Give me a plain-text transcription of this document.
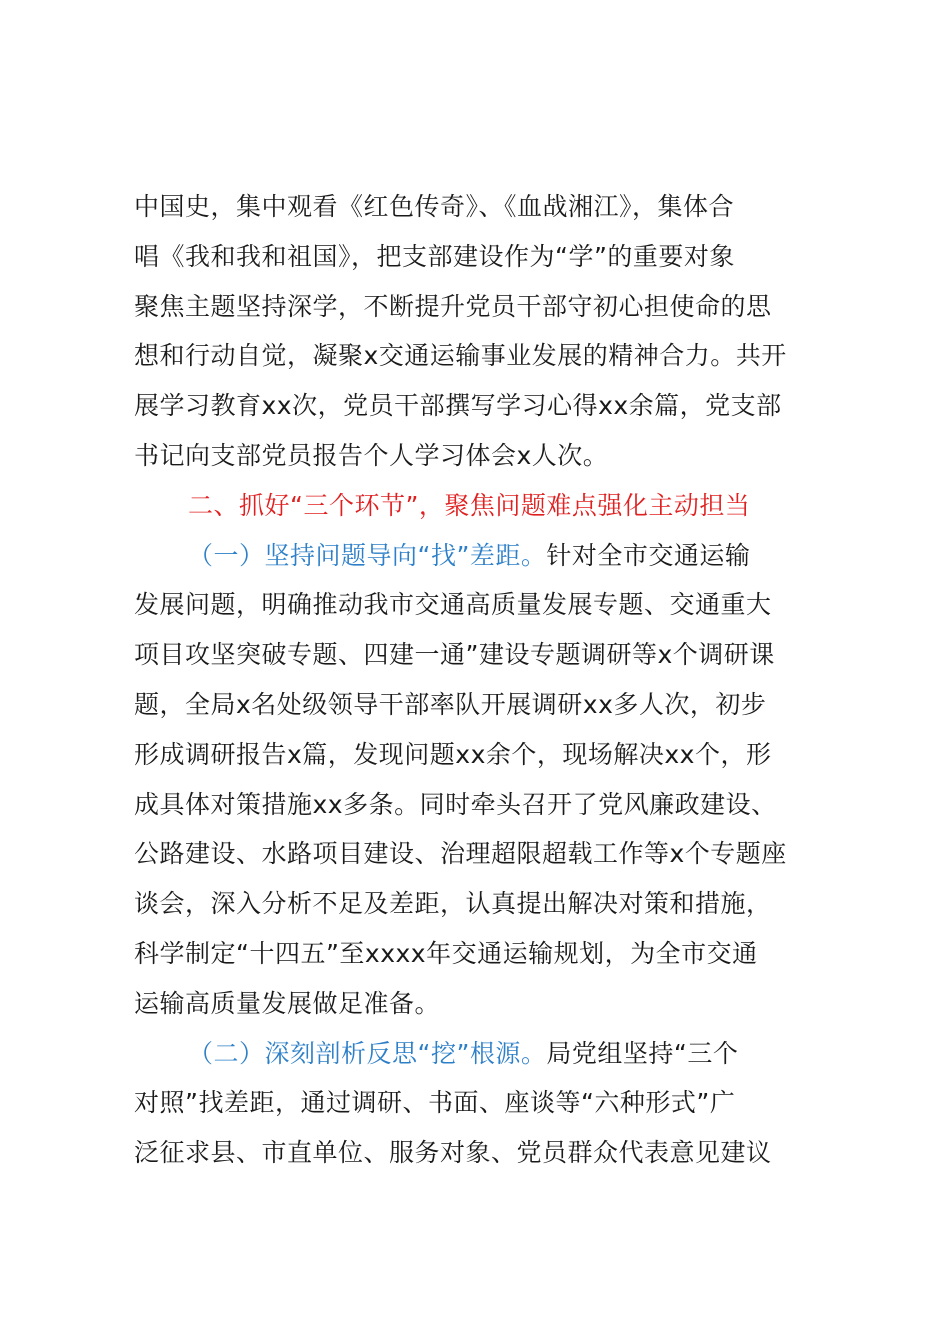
中国史，集中观看《红色传奇》、《血战湘江》，集体合
唱《我和我和祖国》，把支部建设作为“学”的重要对象
聚焦主题坚持深学，不断提升党员干部守初心担使命的思
想和行动自觉，凝聚x交通运输事业发展的精神合力。共开
展学习教育xx次，党员干部撰写学习心得xx余篇，党支部
书记向支部党员报告个人学习体会x人次。
二、抓好“三个环节”，聚焦问题难点强化主动担当
（一）坚持问题导向“找”差距。针对全市交通运输
发展问题，明确推动我市交通高质量发展专题、交通重大
项目攻坚突破专题、四建一通”建设专题调研等x个调研课
题，全局x名处级领导干部率队开展调研xx多人次，初步
形成调研报告x篇，发现问题xx余个，现场解决xx个，形
成具体对策措施xx多条。同时牵头召开了党风廉政建设、
公路建设、水路项目建设、治理超限超载工作等x个专题座
谈会，深入分析不足及差距，认真提出解决对策和措施，
科学制定“十四五”至xxxx年交通运输规划，为全市交通
运输高质量发展做足准备。
（二）深刻剖析反思“挖”根源。局党组坚持“三个
对照”找差距，通过调研、书面、座谈等“六种形式”广
泛征求县、市直单位、服务对象、党员群众代表意见建议
